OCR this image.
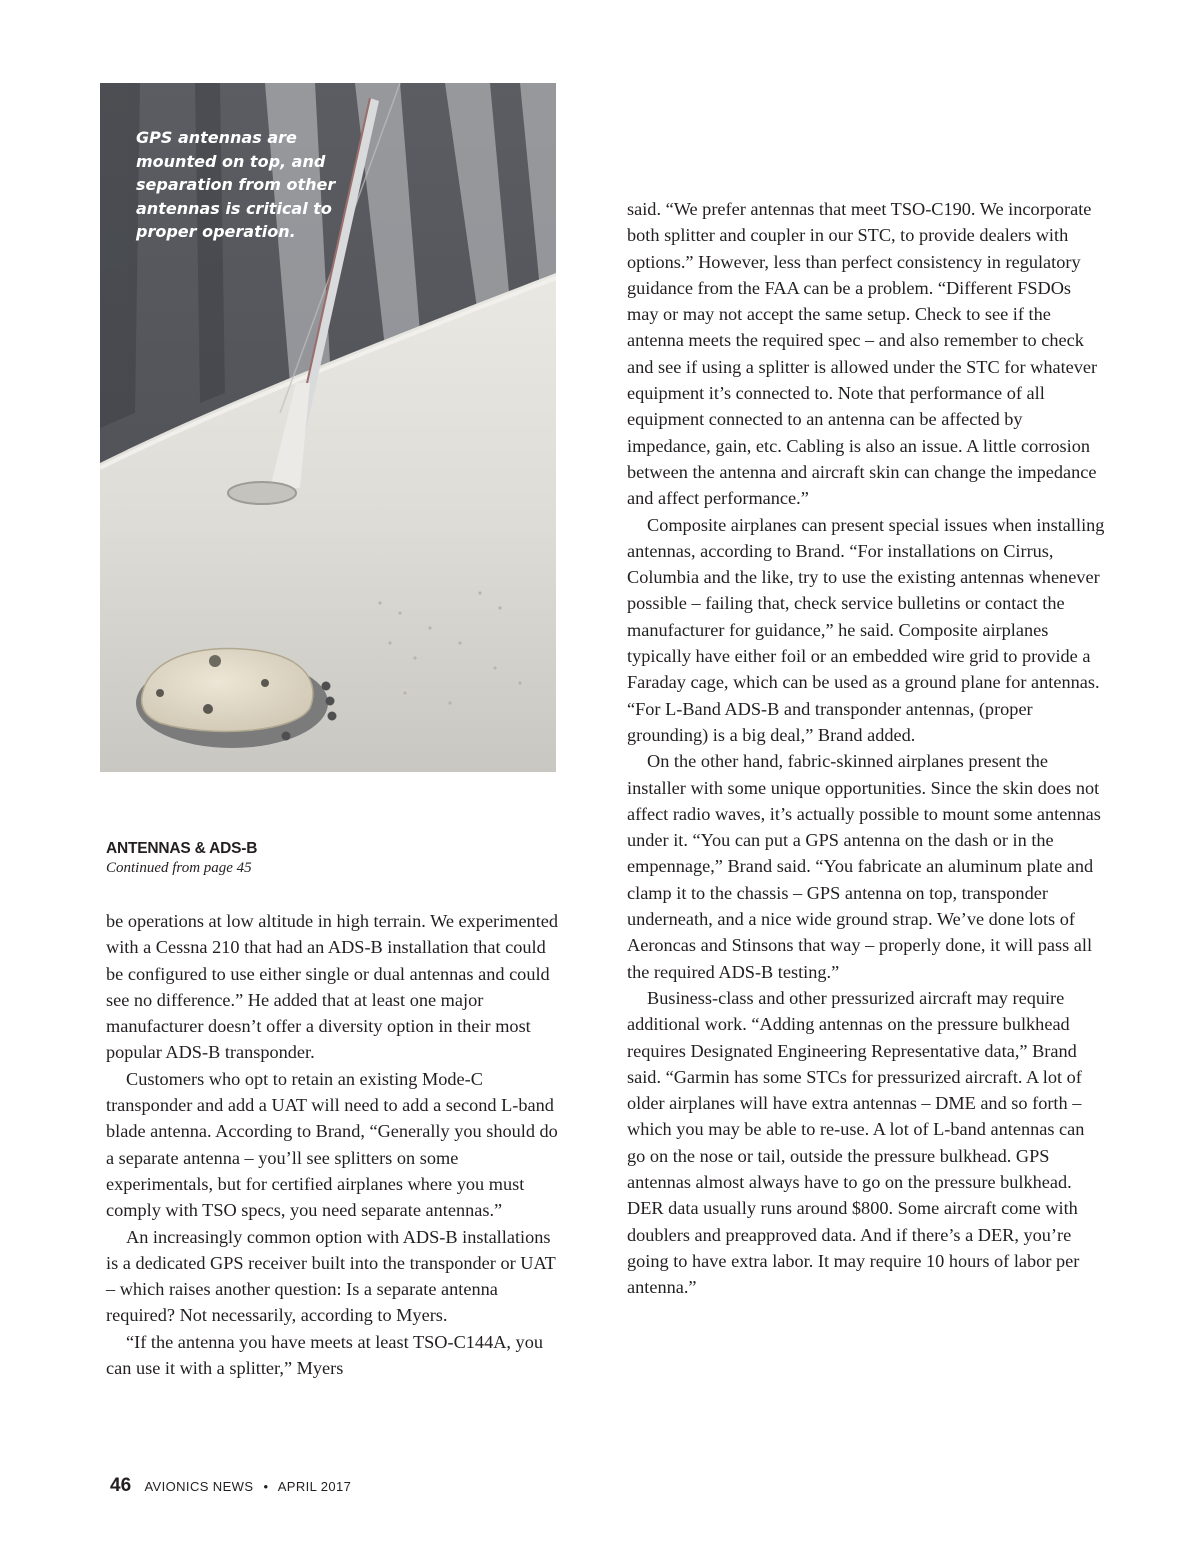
GPS antennas are mounted on top, and separation from other antennas is critical to proper operation.

ANTENNAS & ADS-B

Continued from page 45

be operations at low altitude in high terrain. We experimented with a Cessna 210 that had an ADS-B installation that could be configured to use either single or dual antennas and could see no difference.” He added that at least one major manufacturer doesn’t offer a diversity option in their most popular ADS-B transponder.

Customers who opt to retain an existing Mode-C transponder and add a UAT will need to add a second L-band blade antenna. According to Brand, “Generally you should do a separate antenna – you’ll see splitters on some experimentals, but for certified airplanes where you must comply with TSO specs, you need separate antennas.”

An increasingly common option with ADS-B installations is a dedicated GPS receiver built into the transponder or UAT – which raises another question: Is a separate antenna required? Not necessarily, according to Myers.

“If the antenna you have meets at least TSO-C144A, you can use it with a splitter,” Myers

said. “We prefer antennas that meet TSO-C190. We incorporate both splitter and coupler in our STC, to provide dealers with options.” However, less than perfect consistency in regulatory guidance from the FAA can be a problem. “Different FSDOs may or may not accept the same setup. Check to see if the antenna meets the required spec – and also remember to check and see if using a splitter is allowed under the STC for whatever equipment it’s connected to. Note that performance of all equipment connected to an antenna can be affected by impedance, gain, etc. Cabling is also an issue. A little corrosion between the antenna and aircraft skin can change the impedance and affect performance.”

Composite airplanes can present special issues when installing antennas, according to Brand. “For installations on Cirrus, Columbia and the like, try to use the existing antennas whenever possible – failing that, check service bulletins or contact the manufacturer for guidance,” he said. Composite airplanes typically have either foil or an embedded wire grid to provide a Faraday cage, which can be used as a ground plane for antennas. “For L-Band ADS-B and transponder antennas, (proper grounding) is a big deal,” Brand added.

On the other hand, fabric-skinned airplanes present the installer with some unique opportunities. Since the skin does not affect radio waves, it’s actually possible to mount some antennas under it. “You can put a GPS antenna on the dash or in the empennage,” Brand said. “You fabricate an aluminum plate and clamp it to the chassis – GPS antenna on top, transponder underneath, and a nice wide ground strap. We’ve done lots of Aeroncas and Stinsons that way – properly done, it will pass all the required ADS-B testing.”

Business-class and other pressurized aircraft may require additional work. “Adding antennas on the pressure bulkhead requires Designated Engineering Representative data,” Brand said. “Garmin has some STCs for pressurized aircraft. A lot of older airplanes will have extra antennas – DME and so forth – which you may be able to re-use. A lot of L-band antennas can go on the nose or tail, outside the pressure bulkhead. GPS antennas almost always have to go on the pressure bulkhead. DER data usually runs around $800. Some aircraft come with doublers and preapproved data. And if there’s a DER, you’re going to have extra labor. It may require 10 hours of labor per antenna.”

46 AVIONICS NEWS • APRIL 2017
